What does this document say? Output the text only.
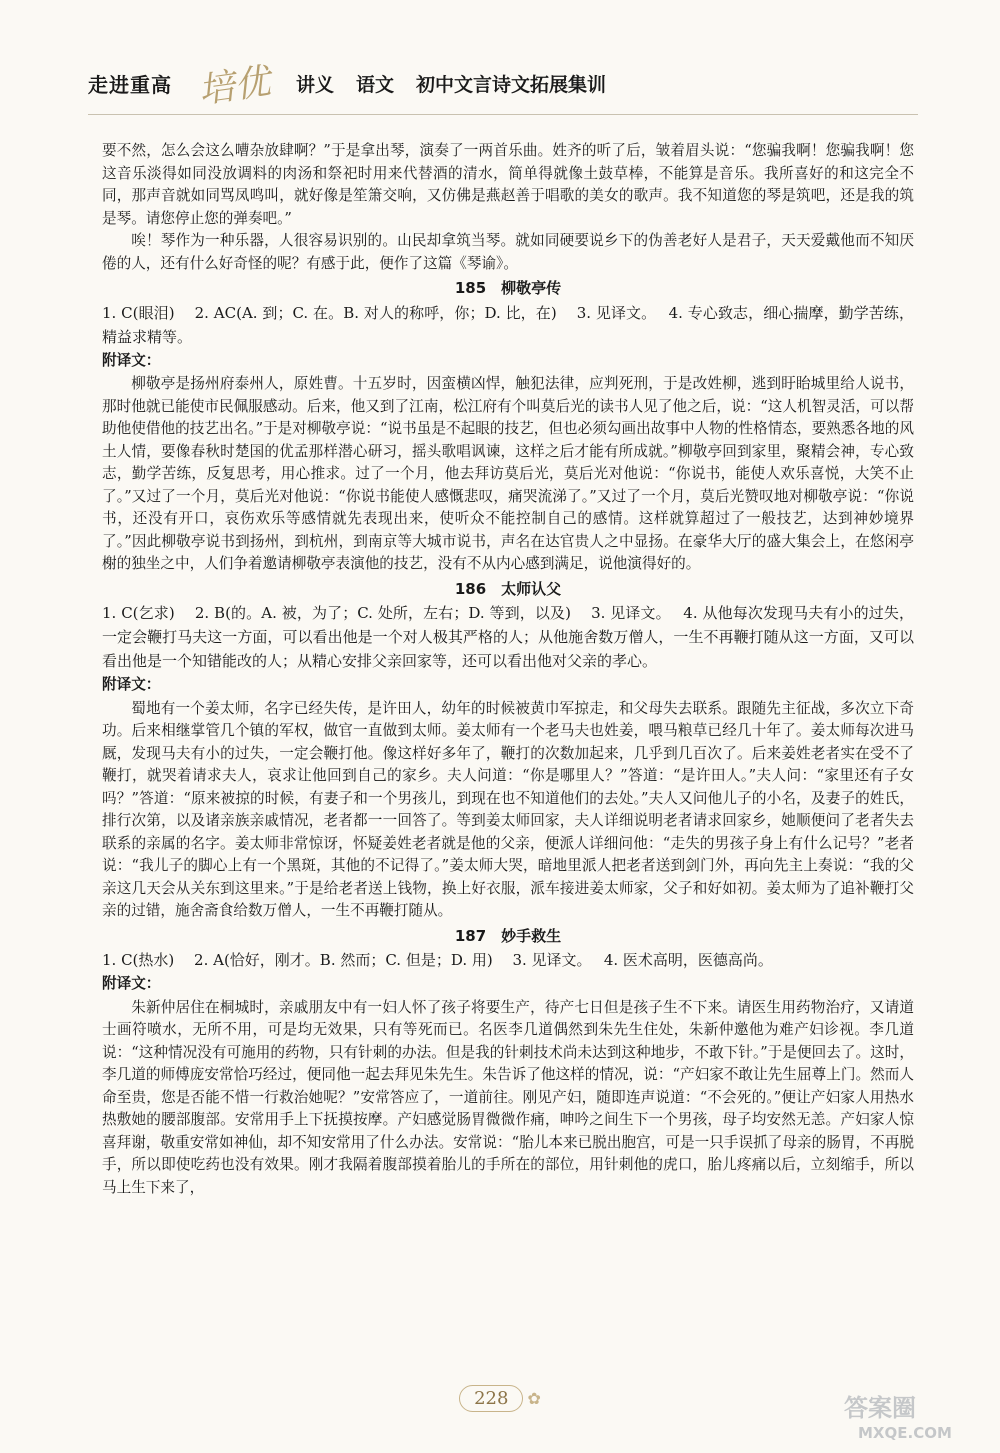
走进重高 培优 讲义 语文 初中文言诗文拓展集训

要不然，怎么会这么嘈杂放肆啊？”于是拿出琴，演奏了一两首乐曲。姓齐的听了后，皱着眉头说：“您骗我啊！您骗我啊！您这音乐淡得如同没放调料的肉汤和祭祀时用来代替酒的清水，简单得就像土鼓草棒，不能算是音乐。我所喜好的和这完全不同，那声音就如同骂凤鸣叫，就好像是笙箫交响，又仿佛是燕赵善于唱歌的美女的歌声。我不知道您的琴是筑吧，还是我的筑是琴。请您停止您的弹奏吧。”

唉！琴作为一种乐器，人很容易识别的。山民却拿筑当琴。就如同硬要说乡下的伪善老好人是君子，天天爱戴他而不知厌倦的人，还有什么好奇怪的呢？有感于此，便作了这篇《琴谕》。

185　柳敬亭传

1. C(眼泪)　 2. AC(A. 到；C. 在。B. 对人的称呼，你；D. 比，在)　 3. 见译文。　 4. 专心致志，细心揣摩，勤学苦练，精益求精等。

附译文：

柳敬亭是扬州府泰州人，原姓曹。十五岁时，因蛮横凶悍，触犯法律，应判死刑，于是改姓柳，逃到盱眙城里给人说书，那时他就已能使市民佩服感动。后来，他又到了江南，松江府有个叫莫后光的读书人见了他之后，说：“这人机智灵活，可以帮助他使借他的技艺出名。”于是对柳敬亭说：“说书虽是不起眼的技艺，但也必须勾画出故事中人物的性格情态，要熟悉各地的风土人情，要像春秋时楚国的优孟那样潜心研习，摇头歌唱讽谏，这样之后才能有所成就。”柳敬亭回到家里，聚精会神，专心致志，勤学苦练，反复思考，用心推求。过了一个月，他去拜访莫后光，莫后光对他说：“你说书，能使人欢乐喜悦，大笑不止了。”又过了一个月，莫后光对他说：“你说书能使人感慨悲叹，痛哭流涕了。”又过了一个月，莫后光赞叹地对柳敬亭说：“你说书，还没有开口，哀伤欢乐等感情就先表现出来，使听众不能控制自己的感情。这样就算超过了一般技艺，达到神妙境界了。”因此柳敬亭说书到扬州，到杭州，到南京等大城市说书，声名在达官贵人之中显扬。在豪华大厅的盛大集会上，在悠闲亭榭的独坐之中，人们争着邀请柳敬亭表演他的技艺，没有不从内心感到满足，说他演得好的。

186　太师认父

1. C(乞求)　 2. B(的。A. 被，为了；C. 处所，左右；D. 等到，以及)　 3. 见译文。　 4. 从他每次发现马夫有小的过失，一定会鞭打马夫这一方面，可以看出他是一个对人极其严格的人；从他施舍数万僧人，一生不再鞭打随从这一方面，又可以看出他是一个知错能改的人；从精心安排父亲回家等，还可以看出他对父亲的孝心。

附译文：

蜀地有一个姜太师，名字已经失传，是许田人，幼年的时候被黄巾军掠走，和父母失去联系。跟随先主征战，多次立下奇功。后来相继掌管几个镇的军权，做官一直做到太师。姜太师有一个老马夫也姓姜，喂马粮草已经几十年了。姜太师每次进马厩，发现马夫有小的过失，一定会鞭打他。像这样好多年了，鞭打的次数加起来，几乎到几百次了。后来姜姓老者实在受不了鞭打，就哭着请求夫人，哀求让他回到自己的家乡。夫人问道：“你是哪里人？”答道：“是许田人。”夫人问：“家里还有子女吗？”答道：“原来被掠的时候，有妻子和一个男孩儿，到现在也不知道他们的去处。”夫人又问他儿子的小名，及妻子的姓氏，排行次第，以及诸亲族亲戚情况，老者都一一回答了。等到姜太师回家，夫人详细说明老者请求回家乡，她顺便问了老者失去联系的亲属的名字。姜太师非常惊讶，怀疑姜姓老者就是他的父亲，便派人详细问他：“走失的男孩子身上有什么记号？”老者说：“我儿子的脚心上有一个黑斑，其他的不记得了。”姜太师大哭，暗地里派人把老者送到剑门外，再向先主上奏说：“我的父亲这几天会从关东到这里来。”于是给老者送上钱物，换上好衣服，派车接进姜太师家，父子和好如初。姜太师为了追补鞭打父亲的过错，施舍斋食给数万僧人，一生不再鞭打随从。

187　妙手救生

1. C(热水)　 2. A(恰好，刚才。B. 然而；C. 但是；D. 用)　 3. 见译文。　 4. 医术高明，医德高尚。

附译文：

朱新仲居住在桐城时，亲戚朋友中有一妇人怀了孩子将要生产，待产七日但是孩子生不下来。请医生用药物治疗，又请道士画符喷水，无所不用，可是均无效果，只有等死而已。名医李几道偶然到朱先生住处，朱新仲邀他为难产妇诊视。李几道说：“这种情况没有可施用的药物，只有针刺的办法。但是我的针刺技术尚未达到这种地步，不敢下针。”于是便回去了。这时，李几道的师傅庞安常恰巧经过，便同他一起去拜见朱先生。朱告诉了他这样的情况，说：“产妇家不敢让先生屈尊上门。然而人命至贵，您是否能不惜一行救治她呢？”安常答应了，一道前往。刚见产妇，随即连声说道：“不会死的。”便让产妇家人用热水热敷她的腰部腹部。安常用手上下抚摸按摩。产妇感觉肠胃微微作痛，呻吟之间生下一个男孩，母子均安然无恙。产妇家人惊喜拜谢，敬重安常如神仙，却不知安常用了什么办法。安常说：“胎儿本来已脱出胞宫，可是一只手误抓了母亲的肠胃，不再脱手，所以即使吃药也没有效果。刚才我隔着腹部摸着胎儿的手所在的部位，用针刺他的虎口，胎儿疼痛以后，立刻缩手，所以马上生下来了，

228	✿	答案圈
MXQE.COM
